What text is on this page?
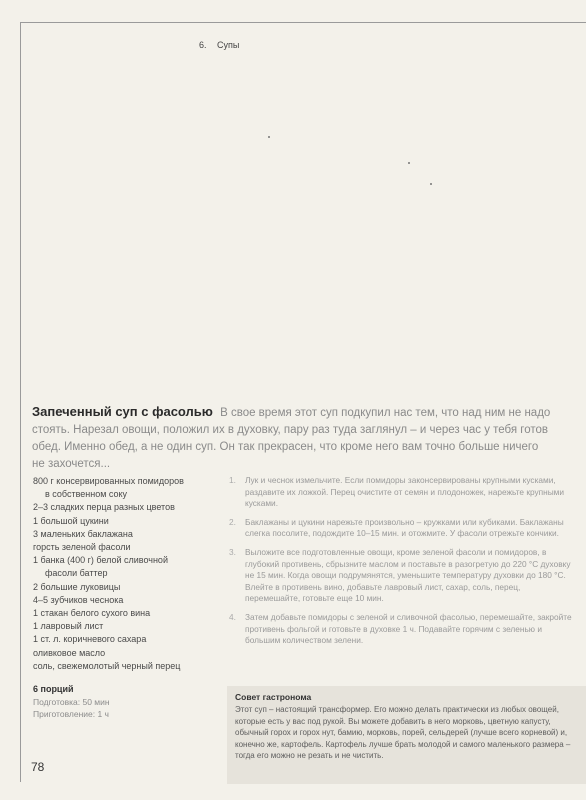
6. Супы
Запеченный суп с фасолью В свое время этот суп подкупил нас тем, что над ним не надо стоять. Нарезал овощи, положил их в духовку, пару раз туда заглянул – и через час у тебя готов обед. Именно обед, а не один суп. Он так прекрасен, что кроме него вам точно больше ничего не захочется...
800 г консервированных помидоров
в собственном соку
2–3 сладких перца разных цветов
1 большой цукини
3 маленьких баклажана
горсть зеленой фасоли
1 банка (400 г) белой сливочной
фасоли баттер
2 большие луковицы
4–5 зубчиков чеснока
1 стакан белого сухого вина
1 лавровый лист
1 ст. л. коричневого сахара
оливковое масло
соль, свежемолотый черный перец
6 порций
Подготовка: 50 мин
Приготовление: 1 ч
1.	Лук и чеснок измельчите. Если помидоры законсервированы крупными кусками, раздавите их ложкой. Перец очистите от семян и плодоножек, нарежьте крупными кусками.
2.	Баклажаны и цукини нарежьте произвольно – кружками или кубиками. Баклажаны слегка посолите, подождите 10–15 мин. и отожмите. У фасоли отрежьте кончики.
3.	Выложите все подготовленные овощи, кроме зеленой фасоли и помидоров, в глубокий противень, сбрызните маслом и поставьте в разогретую до 220 °С духовку не 15 мин. Когда овощи подрумянятся, уменьшите температуру духовки до 180 °С. Влейте в противень вино, добавьте лавровый лист, сахар, соль, перец, перемешайте, готовьте еще 10 мин.
4.	Затем добавьте помидоры с зеленой и сливочной фасолью, перемешайте, закройте противень фольгой и готовьте в духовке 1 ч. Подавайте горячим с зеленью и большим количеством зелени.
Совет гастронома
Этот суп – настоящий трансформер. Его можно делать практически из любых овощей, которые есть у вас под рукой. Вы можете добавить в него морковь, цветную капусту, обычный горох и горох нут, бамию, морковь, порей, сельдерей (лучше всего корневой) и, конечно же, картофель. Картофель лучше брать молодой и самого маленького размера – тогда его можно не резать и не чистить.
78
